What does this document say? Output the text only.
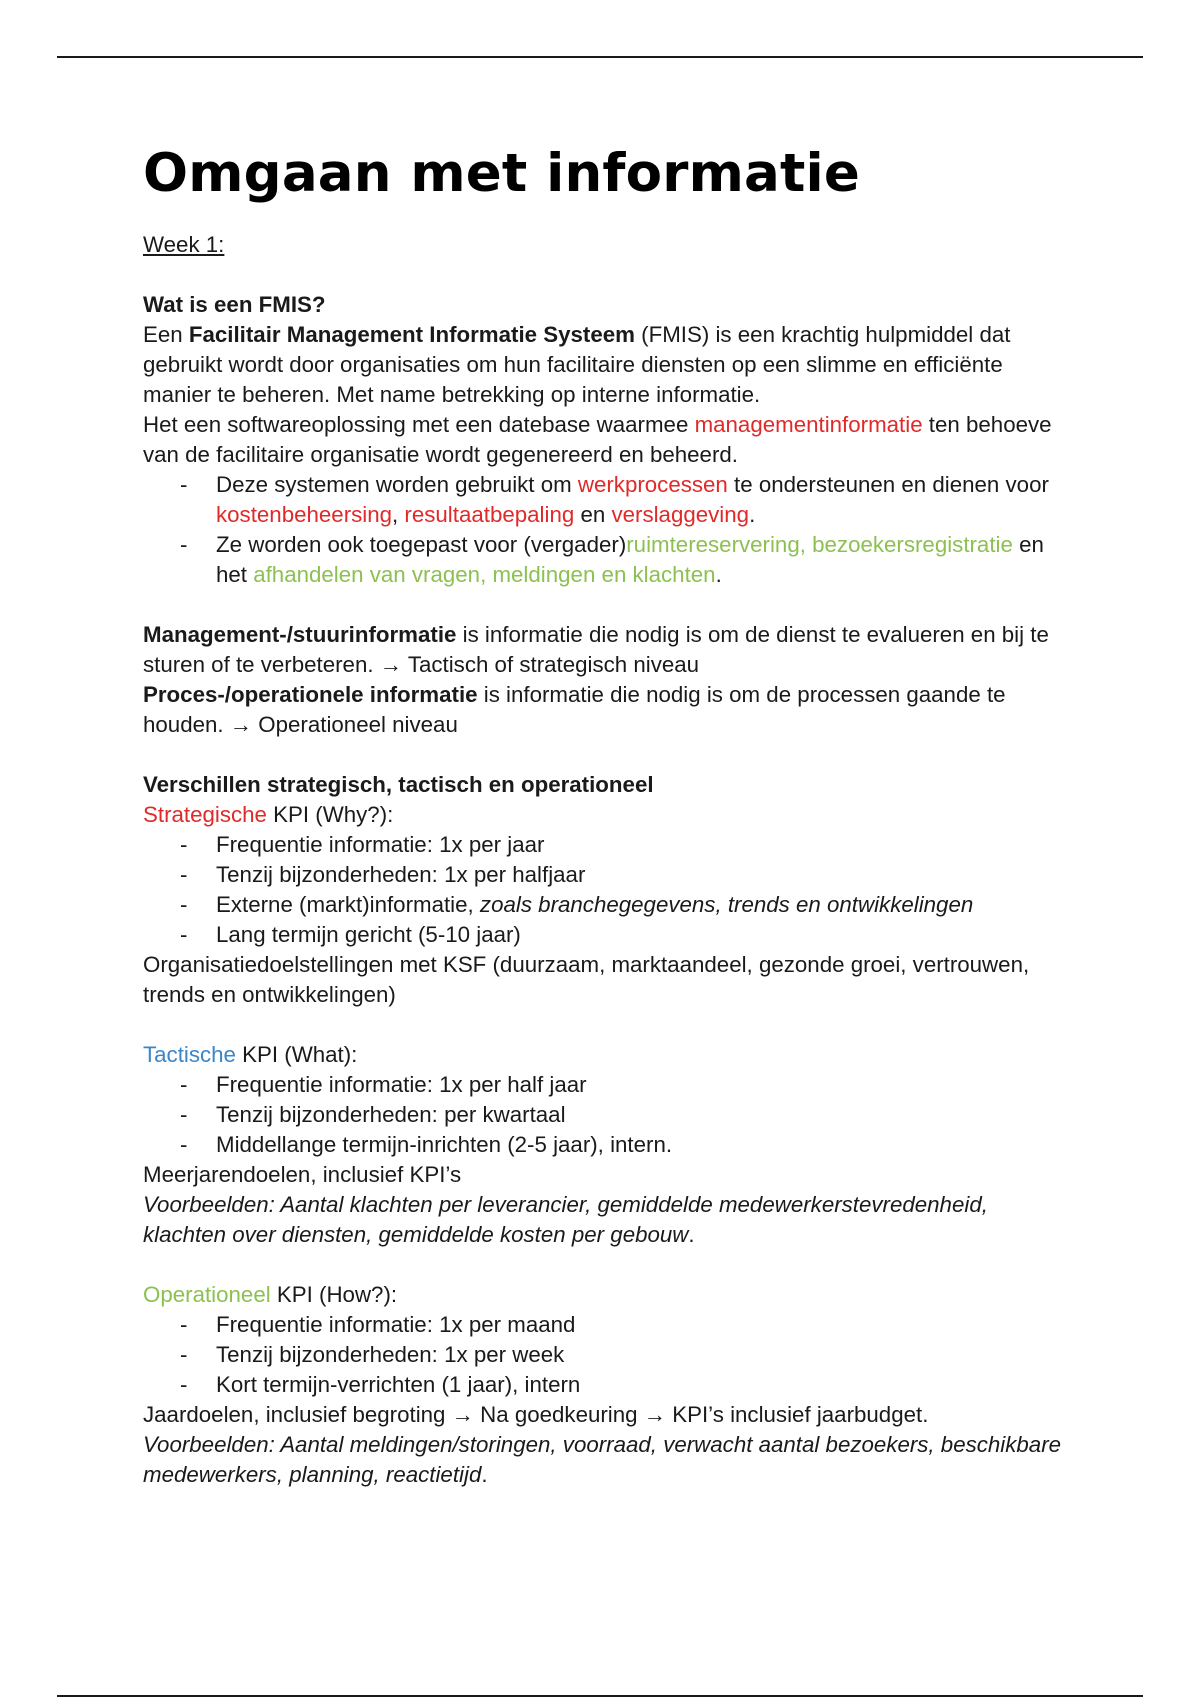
Omgaan met informatie

Week 1:

Wat is een FMIS?

Een Facilitair Management Informatie Systeem (FMIS) is een krachtig hulpmiddel dat gebruikt wordt door organisaties om hun facilitaire diensten op een slimme en efficiënte manier te beheren. Met name betrekking op interne informatie.

Het een softwareoplossing met een datebase waarmee managementinformatie ten behoeve van de facilitaire organisatie wordt gegenereerd en beheerd.

- Deze systemen worden gebruikt om werkprocessen te ondersteunen en dienen voor kostenbeheersing, resultaatbepaling en verslaggeving.
- Ze worden ook toegepast voor (vergader)ruimtereservering, bezoekersregistratie en het afhandelen van vragen, meldingen en klachten.

Management-/stuurinformatie is informatie die nodig is om de dienst te evalueren en bij te sturen of te verbeteren. → Tactisch of strategisch niveau

Proces-/operationele informatie is informatie die nodig is om de processen gaande te houden. → Operationeel niveau

Verschillen strategisch, tactisch en operationeel

Strategische KPI (Why?):

- Frequentie informatie: 1x per jaar
- Tenzij bijzonderheden: 1x per halfjaar
- Externe (markt)informatie, zoals branchegegevens, trends en ontwikkelingen
- Lang termijn gericht (5-10 jaar)

Organisatiedoelstellingen met KSF (duurzaam, marktaandeel, gezonde groei, vertrouwen, trends en ontwikkelingen)

Tactische KPI (What):

- Frequentie informatie: 1x per half jaar
- Tenzij bijzonderheden: per kwartaal
- Middellange termijn-inrichten (2-5 jaar), intern.

Meerjarendoelen, inclusief KPI’s

Voorbeelden: Aantal klachten per leverancier, gemiddelde medewerkerstevredenheid, klachten over diensten, gemiddelde kosten per gebouw.

Operationeel KPI (How?):

- Frequentie informatie: 1x per maand
- Tenzij bijzonderheden: 1x per week
- Kort termijn-verrichten (1 jaar), intern

Jaardoelen, inclusief begroting → Na goedkeuring → KPI’s inclusief jaarbudget.

Voorbeelden: Aantal meldingen/storingen, voorraad, verwacht aantal bezoekers, beschikbare medewerkers, planning, reactietijd.
